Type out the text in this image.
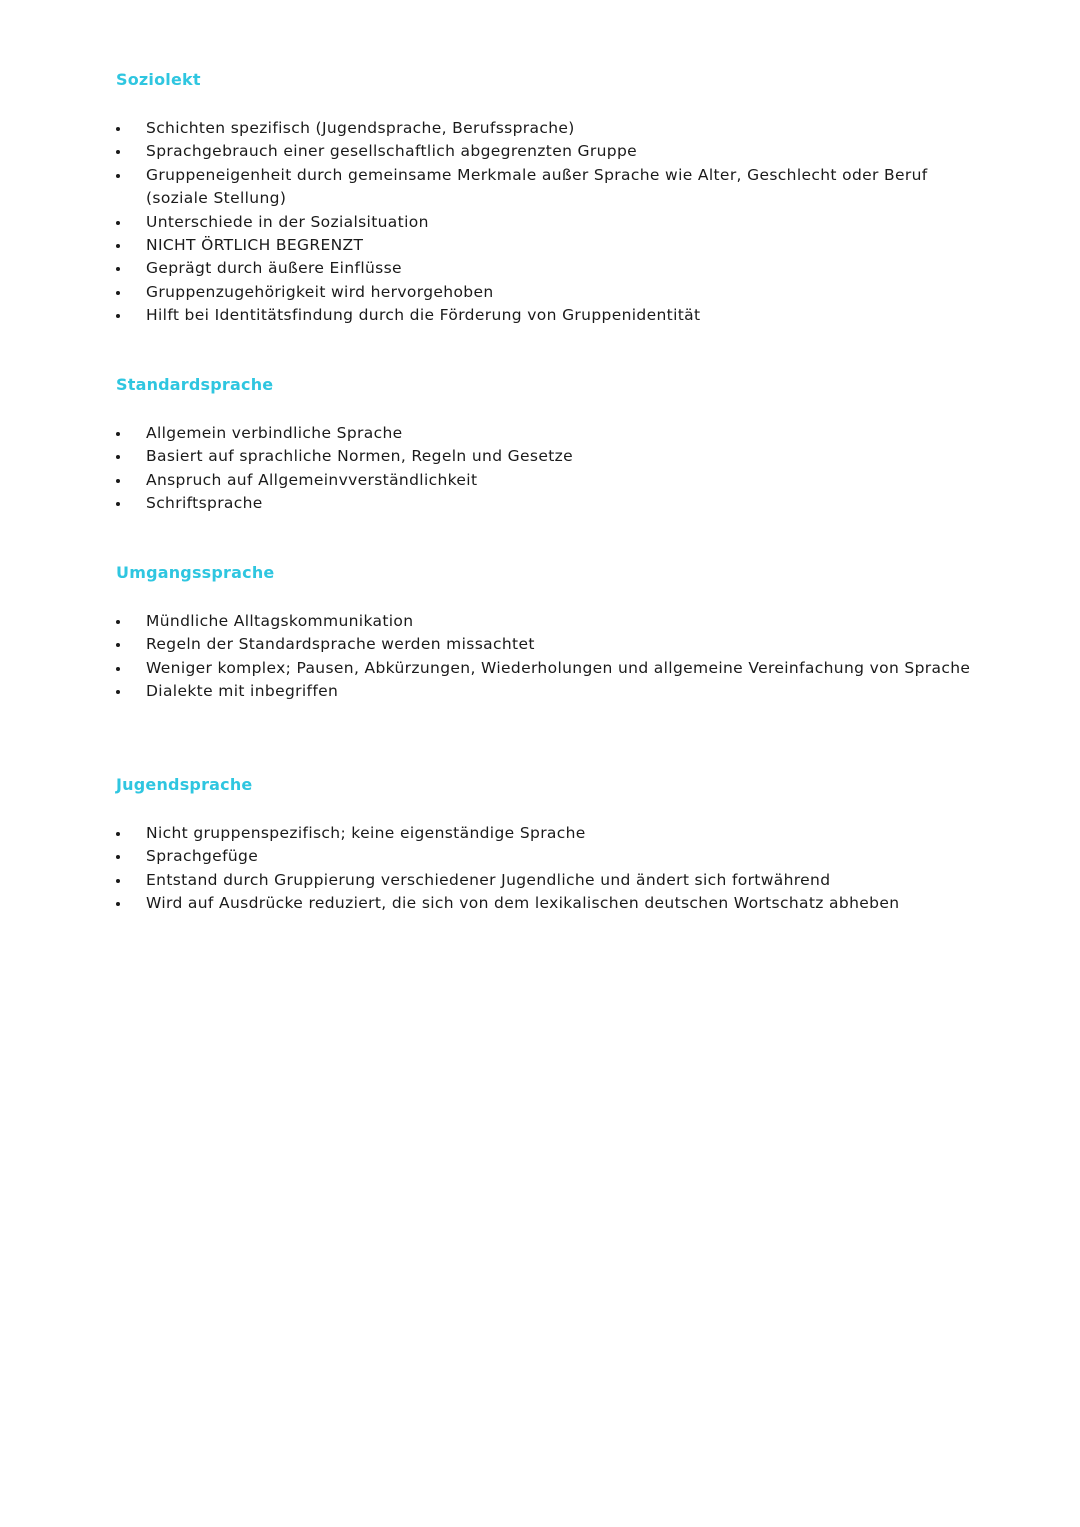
Soziolekt
Schichten spezifisch (Jugendsprache, Berufssprache)
Sprachgebrauch einer gesellschaftlich abgegrenzten Gruppe
Gruppeneigenheit durch gemeinsame Merkmale außer Sprache wie Alter, Geschlecht oder Beruf (soziale Stellung)
Unterschiede in der Sozialsituation
NICHT ÖRTLICH BEGRENZT
Geprägt durch äußere Einflüsse
Gruppenzugehörigkeit wird hervorgehoben
Hilft bei Identitätsfindung durch die Förderung von Gruppenidentität
Standardsprache
Allgemein verbindliche Sprache
Basiert auf sprachliche Normen, Regeln und Gesetze
Anspruch auf Allgemeinvverständlichkeit
Schriftsprache
Umgangssprache
Mündliche Alltagskommunikation
Regeln der Standardsprache werden missachtet
Weniger komplex; Pausen, Abkürzungen, Wiederholungen und allgemeine Vereinfachung von Sprache
Dialekte mit inbegriffen
Jugendsprache
Nicht gruppenspezifisch; keine eigenständige Sprache
Sprachgefüge
Entstand durch Gruppierung verschiedener Jugendliche und ändert sich fortwährend
Wird auf Ausdrücke reduziert, die sich von dem lexikalischen deutschen Wortschatz abheben
